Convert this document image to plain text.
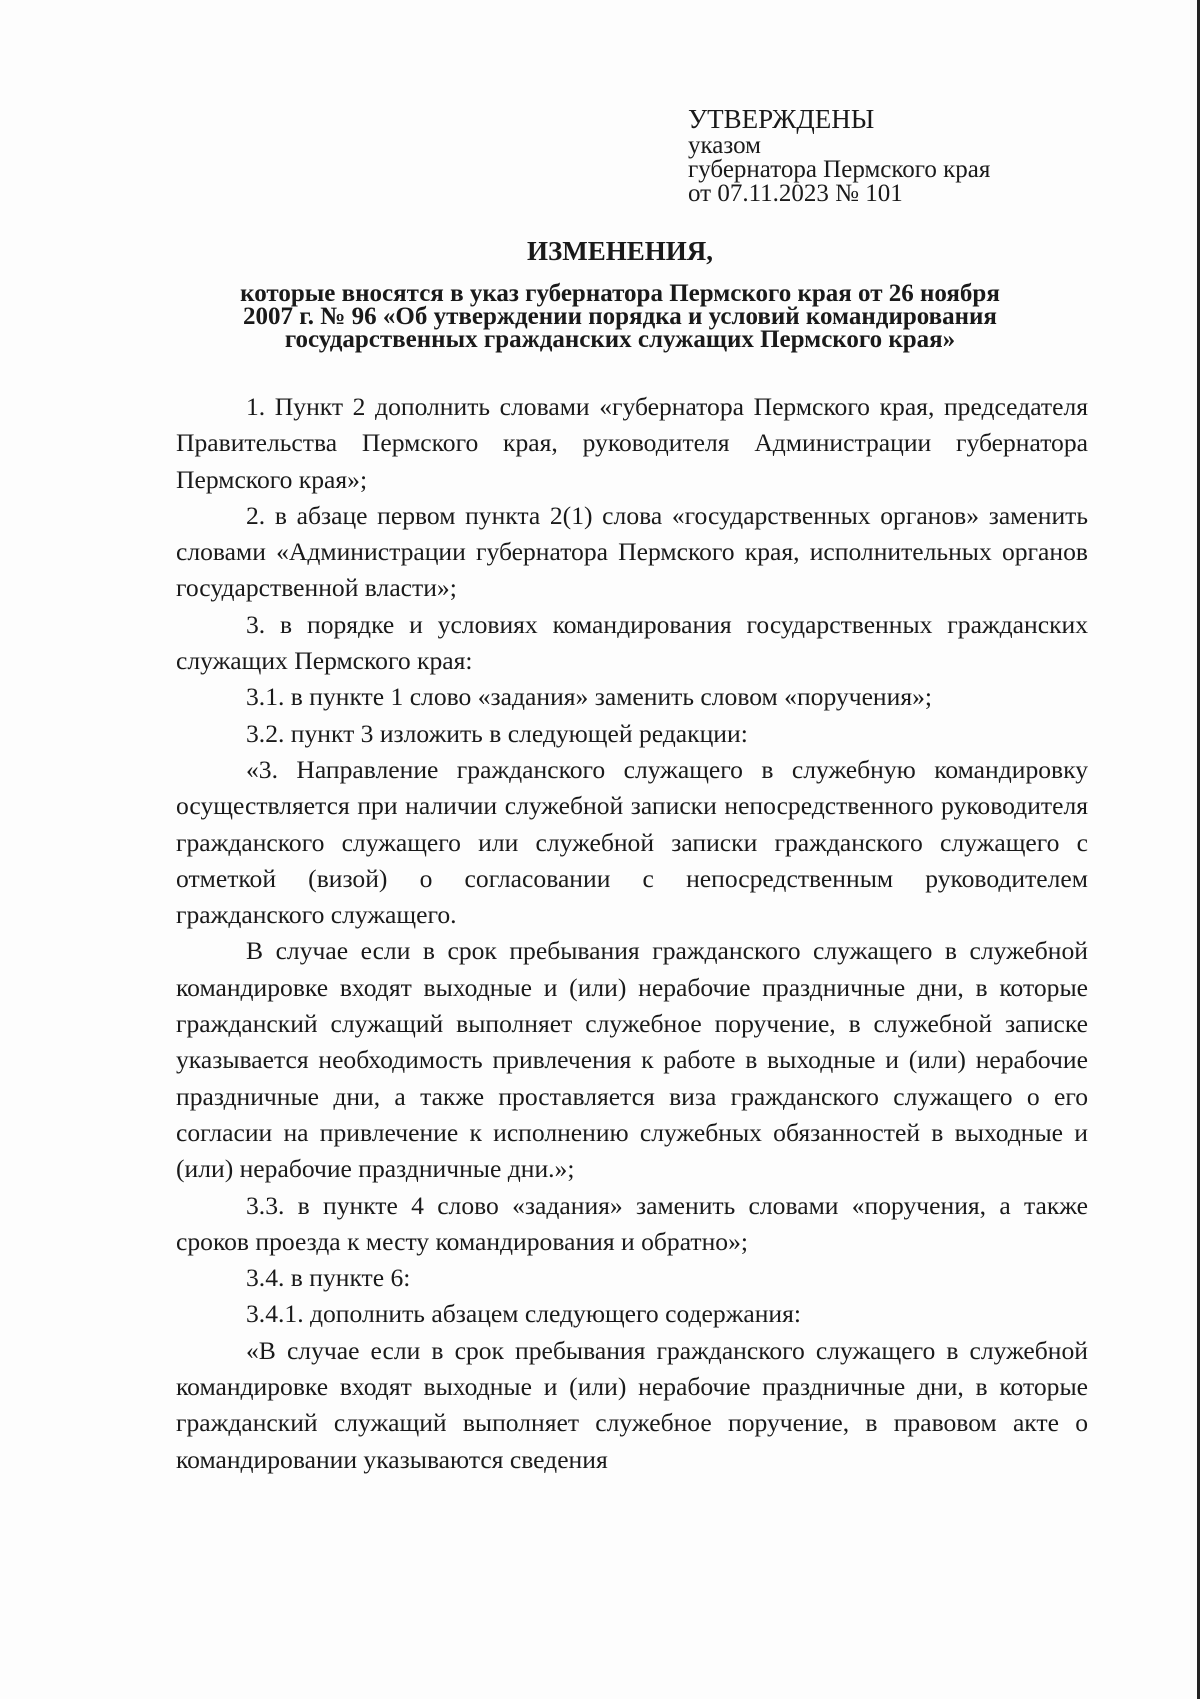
УТВЕРЖДЕНЫ
указом
губернатора Пермского края
от 07.11.2023 № 101
ИЗМЕНЕНИЯ,
которые вносятся в указ губернатора Пермского края от 26 ноября
2007 г. № 96 «Об утверждении порядка и условий командирования
государственных гражданских служащих Пермского края»

1. Пункт 2 дополнить словами «губернатора Пермского края, председателя Правительства Пермского края, руководителя Администрации губернатора Пермского края»;

2. в абзаце первом пункта 2(1) слова «государственных органов» заменить словами «Администрации губернатора Пермского края, исполнительных органов государственной власти»;

3. в порядке и условиях командирования государственных гражданских служащих Пермского края:

3.1. в пункте 1 слово «задания» заменить словом «поручения»;

3.2. пункт 3 изложить в следующей редакции:

«3. Направление гражданского служащего в служебную командировку осуществляется при наличии служебной записки непосредственного руководителя гражданского служащего или служебной записки гражданского служащего с отметкой (визой) о согласовании с непосредственным руководителем гражданского служащего.

В случае если в срок пребывания гражданского служащего в служебной командировке входят выходные и (или) нерабочие праздничные дни, в которые гражданский служащий выполняет служебное поручение, в служебной записке указывается необходимость привлечения к работе в выходные и (или) нерабочие праздничные дни, а также проставляется виза гражданского служащего о его согласии на привлечение к исполнению служебных обязанностей в выходные и (или) нерабочие праздничные дни.»;

3.3. в пункте 4 слово «задания» заменить словами «поручения, а также сроков проезда к месту командирования и обратно»;

3.4. в пункте 6:

3.4.1. дополнить абзацем следующего содержания:

«В случае если в срок пребывания гражданского служащего в служебной командировке входят выходные и (или) нерабочие праздничные дни, в которые гражданский служащий выполняет служебное поручение, в правовом акте о командировании указываются сведения
